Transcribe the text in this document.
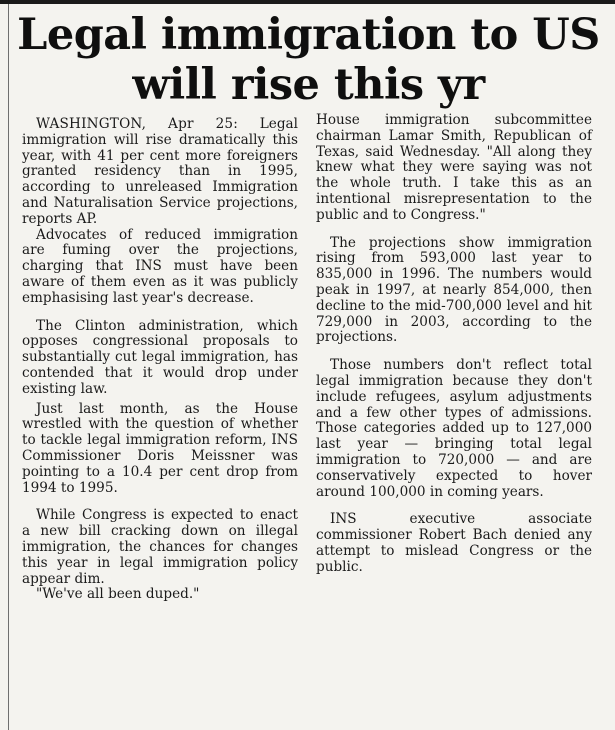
Legal immigration to US
will rise this yr

WASHINGTON, Apr 25: Legal immigration will rise dramatically this year, with 41 per cent more foreigners granted residency than in 1995, according to unreleased Immigration and Naturalisation Service projections, reports AP.

Advocates of reduced immigration are fuming over the projections, charging that INS must have been aware of them even as it was publicly emphasising last year's decrease.

The Clinton administration, which opposes congressional proposals to substantially cut legal immigration, has contended that it would drop under existing law.

Just last month, as the House wrestled with the question of whether to tackle legal immigration reform, INS Commissioner Doris Meissner was pointing to a 10.4 per cent drop from 1994 to 1995.

While Congress is expected to enact a new bill cracking down on illegal immigration, the chances for changes this year in legal immigration policy appear dim.

"We've all been duped."

House immigration subcommittee chairman Lamar Smith, Republican of Texas, said Wednesday. "All along they knew what they were saying was not the whole truth. I take this as an intentional misrepresentation to the public and to Congress."

The projections show immigration rising from 593,000 last year to 835,000 in 1996. The numbers would peak in 1997, at nearly 854,000, then decline to the mid-700,000 level and hit 729,000 in 2003, according to the projections.

Those numbers don't reflect total legal immigration because they don't include refugees, asylum adjustments and a few other types of admissions. Those categories added up to 127,000 last year — bringing total legal immigration to 720,000 — and are conservatively expected to hover around 100,000 in coming years.

INS executive associate commissioner Robert Bach denied any attempt to mislead Congress or the public.
